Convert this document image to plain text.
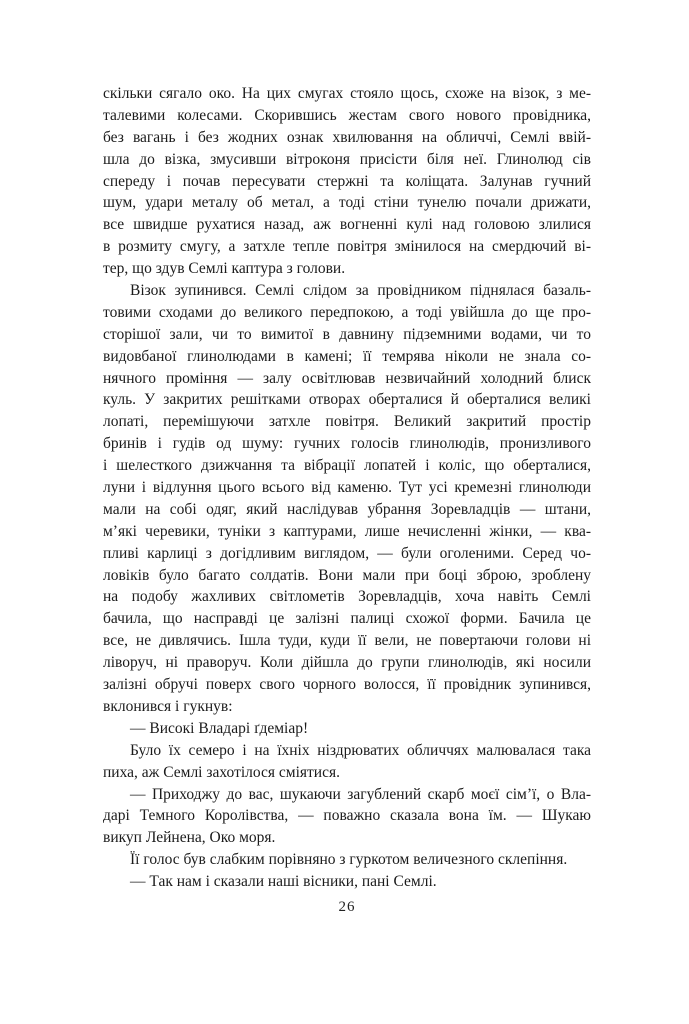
скільки сягало око. На цих смугах стояло щось, схоже на візок, з ме-
талевими колесами. Скорившись жестам свого нового провідника,
без вагань і без жодних ознак хвилювання на обличчі, Семлі ввій-
шла до візка, змусивши вітроконя присісти біля неї. Глинолюд сів
спереду і почав пересувати стержні та коліщата. Залунав гучний
шум, удари металу об метал, а тоді стіни тунелю почали дрижати,
все швидше рухатися назад, аж вогненні кулі над головою злилися
в розмиту смугу, а затхле тепле повітря змінилося на смердючий ві-
тер, що здув Семлі каптура з голови.
Візок зупинився. Семлі слідом за провідником піднялася базаль-
товими сходами до великого передпокою, а тоді увійшла до ще про-
сторішої зали, чи то вимитої в давнину підземними водами, чи то
видовбаної глинолюдами в камені; її темрява ніколи не знала со-
нячного проміння — залу освітлював незвичайний холодний блиск
куль. У закритих решітками отворах оберталися й оберталися великі
лопаті, перемішуючи затхле повітря. Великий закритий простір
бринів і гудів од шуму: гучних голосів глинолюдів, пронизливого
і шелесткого дзижчання та вібрації лопатей і коліс, що оберталися,
луни і відлуння цього всього від каменю. Тут усі кремезні глинолюди
мали на собі одяг, який наслідував убрання Зоревладців — штани,
м’які черевики, туніки з каптурами, лише нечисленні жінки, — ква-
пливі карлиці з догідливим виглядом, — були оголеними. Серед чо-
ловіків було багато солдатів. Вони мали при боці зброю, зроблену
на подобу жахливих світлометів Зоревладців, хоча навіть Семлі
бачила, що насправді це залізні палиці схожої форми. Бачила це
все, не дивлячись. Ішла туди, куди її вели, не повертаючи голови ні
ліворуч, ні праворуч. Коли дійшла до групи глинолюдів, які носили
залізні обручі поверх свого чорного волосся, її провідник зупинився,
вклонився і гукнув:
— Високі Владарі ґдеміар!
Було їх семеро і на їхніх ніздрюватих обличчях малювалася така
пиха, аж Семлі захотілося сміятися.
— Приходжу до вас, шукаючи загублений скарб моєї сім’ї, о Вла-
дарі Темного Королівства, — поважно сказала вона їм. — Шукаю
викуп Лейнена, Око моря.
Її голос був слабким порівняно з гуркотом величезного склепіння.
— Так нам і сказали наші вісники, пані Семлі.
26
